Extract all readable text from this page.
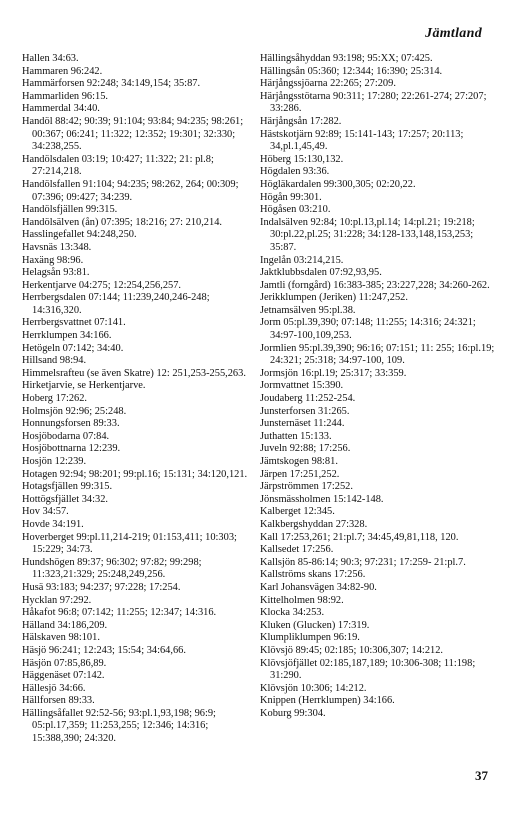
Jämtland
Hallen 34:63.
Hammaren 96:242.
Hammärforsen 92:248; 34:149,154; 35:87.
Hammarliden 96:15.
Hammerdal 34:40.
Handöl 88:42; 90:39; 91:104; 93:84; 94:235; 98:261; 00:367; 06:241; 11:322; 12:352; 19:301; 32:330; 34:238,255.
Handölsdalen 03:19; 10:427; 11:322; 21: pl.8; 27:214,218.
Handölsfallen 91:104; 94:235; 98:262, 264; 00:309; 07:396; 09:427; 34:239.
Handölsfjällen 99:315.
Handölsälven (ån) 07:395; 18:216; 27: 210,214.
Hasslingefallet 94:248,250.
Havsnäs 13:348.
Haxäng 98:96.
Helagsån 93:81.
Herkentjarve 04:275; 12:254,256,257.
Herrbergsdalen 07:144; 11:239,240,246-248; 14:316,320.
Herrbergsvattnet 07:141.
Herrklumpen 34:166.
Hetögeln 07:142; 34:40.
Hillsand 98:94.
Himmelsrafteu (se även Skatre) 12: 251,253-255,263.
Hirketjarvie, se Herkentjarve.
Hoberg 17:262.
Holmsjön 92:96; 25:248.
Honnungsforsen 89:33.
Hosjöbodarna 07:84.
Hosjöbottnarna 12:239.
Hosjön 12:239.
Hotagen 92:94; 98:201; 99:pl.16; 15:131; 34:120,121.
Hotagsfjällen 99:315.
Hottögsfjället 34:32.
Hov 34:57.
Hovde 34:191.
Hoverberget 99:pl.11,214-219; 01:153,411; 10:303; 15:229; 34:73.
Hundshögen 89:37; 96:302; 97:82; 99:298; 11:323,21:329; 25:248,249,256.
Husä 93:183; 94:237; 97:228; 17:254.
Hycklan 97:292.
Håkafot 96:8; 07:142; 11:255; 12:347; 14:316.
Hälland 34:186,209.
Hälskaven 98:101.
Häsjö 96:241; 12:243; 15:54; 34:64,66.
Häsjön 07:85,86,89.
Häggenäset 07:142.
Hällesjö 34:66.
Hällforsen 89:33.
Hällingsåfallet 92:52-56; 93:pl.1,93,198; 96:9; 05:pl.17,359; 11:253,255; 12:346; 14:316; 15:388,390; 24:320.
Hällingsåhyddan 93:198; 95:XX; 07:425.
Hällingsån 05:360; 12:344; 16:390; 25:314.
Härjångssjöarna 22:265; 27:209.
Härjångsstötarna 90:311; 17:280; 22:261-274; 27:207; 33:286.
Härjångsån 17:282.
Hästskotjärn 92:89; 15:141-143; 17:257; 20:113; 34,pl.1,45,49.
Höberg 15:130,132.
Högdalen 93:36.
Högläkardalen 99:300,305; 02:20,22.
Högån 99:301.
Högåsen 03:210.
Indalsälven 92:84; 10:pl.13,pl.14; 14:pl.21; 19:218; 30:pl.22,pl.25; 31:228; 34:128-133,148,153,253; 35:87.
Ingelån 03:214,215.
Jaktklubbsdalen 07:92,93,95.
Jamtli (forngård) 16:383-385; 23:227,228; 34:260-262.
Jerikklumpen (Jeriken) 11:247,252.
Jetnamsälven 95:pl.38.
Jorm 05:pl.39,390; 07:148; 11:255; 14:316; 24:321; 34:97-100,109,253.
Jormlien 95:pl.39,390; 96:16; 07:151; 11: 255; 16:pl.19; 24:321; 25:318; 34:97-100, 109.
Jormsjön 16:pl.19; 25:317; 33:359.
Jormvattnet 15:390.
Joudaberg 11:252-254.
Junsterforsen 31:265.
Junsternäset 11:244.
Juthatten 15:133.
Juveln 92:88; 17:256.
Jämtskogen 98:81.
Järpen 17:251,252.
Järpströmmen 17:252.
Jönsmässholmen 15:142-148.
Kalberget 12:345.
Kalkbergshyddan 27:328.
Kall 17:253,261; 21:pl.7; 34:45,49,81,118, 120.
Kallsedet 17:256.
Kallsjön 85-86:14; 90:3; 97:231; 17:259- 21:pl.7.
Kallströms skans 17:256.
Karl Johansvägen 34:82-90.
Kittelholmen 98:92.
Klocka 34:253.
Kluken (Glucken) 17:319.
Klumpliklumpen 96:19.
Klövsjö 89:45; 02:185; 10:306,307; 14:212.
Klövsjöfjället 02:185,187,189; 10:306-308; 11:198; 31:290.
Klövsjön 10:306; 14:212.
Knippen (Herrklumpen) 34:166.
Koburg 99:304.
37
